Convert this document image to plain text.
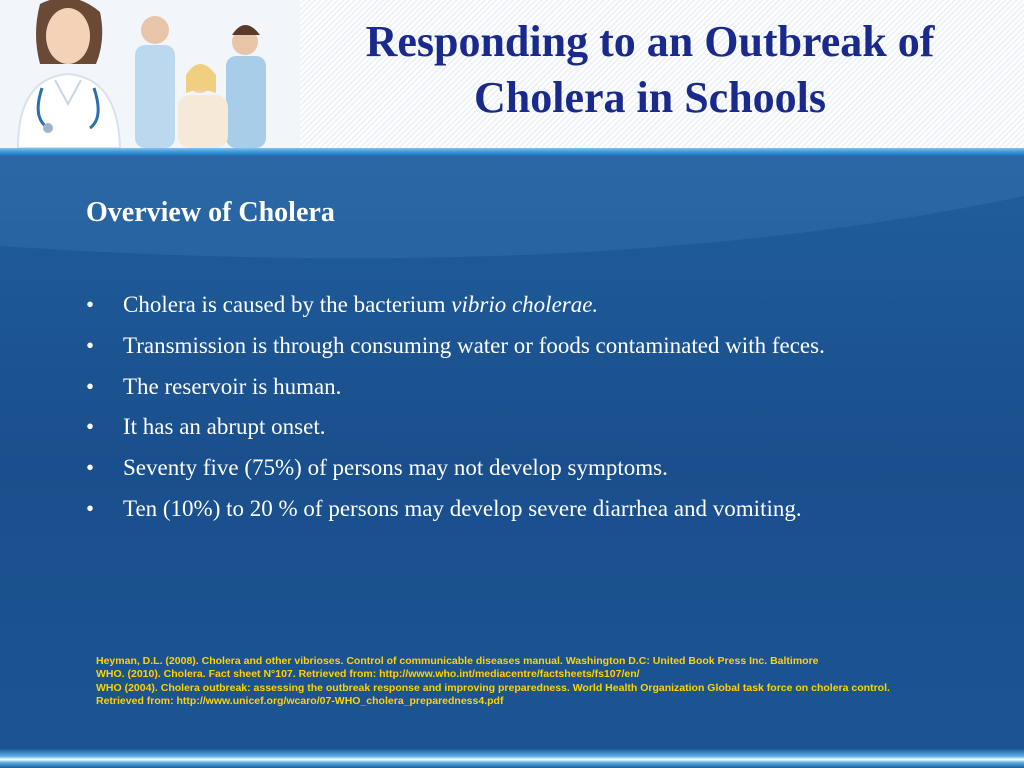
Responding to an Outbreak of
Cholera in Schools
Overview of Cholera
• Cholera is caused by the bacterium vibrio cholerae.
• Transmission is through consuming water or foods contaminated with feces.
• The reservoir is human.
• It has an abrupt onset.
• Seventy five (75%) of persons may not develop symptoms.
• Ten (10%) to 20 % of persons may develop severe diarrhea and vomiting.
Heyman, D.L. (2008). Cholera and other vibrioses. Control of communicable diseases manual. Washington D.C: United Book Press Inc. Baltimore
WHO. (2010). Cholera. Fact sheet N°107. Retrieved from: http://www.who.int/mediacentre/factsheets/fs107/en/
WHO (2004). Cholera outbreak: assessing the outbreak response and improving preparedness. World Health Organization Global task force on cholera control.
Retrieved from: http://www.unicef.org/wcaro/07-WHO_cholera_preparedness4.pdf
